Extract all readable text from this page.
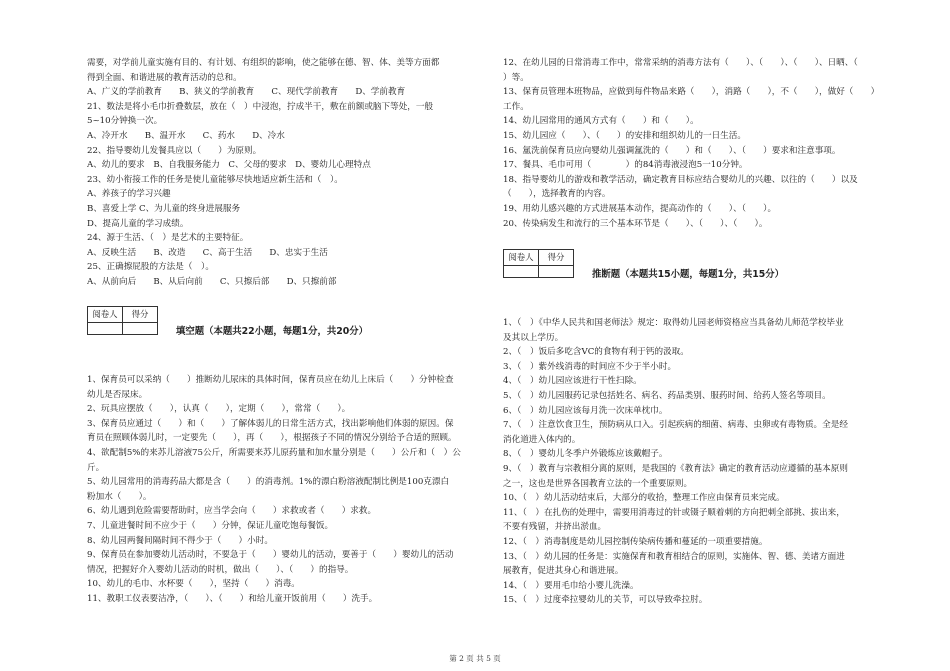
需要，对学前儿童实施有目的、有计划、有组织的影响，使之能够在德、智、体、美等方面都
得到全面、和谐进展的教育活动的总和。
A、广义的学前教育　　B、狭义的学前教育　　C、现代学前教育　　D、学前教育
21、数法是将小毛巾折叠数层，放在（　）中浸泡，拧成半干，敷在前额或脑下等处，一般
5~10分钟换一次。
A、冷开水　　B、温开水　　C、药水　　D、冷水
22、指导婴幼儿发餐具应以（　　）为原则。
A、幼儿的要求　B、自我服务能力　C、父母的要求　D、婴幼儿心理特点
23、幼小衔接工作的任务是使儿童能够尽快地适应新生活和（　）。
A、养孩子的学习兴趣
B、喜爱上学 C、为儿童的终身进展服务
D、提高儿童的学习成绩。
24、源于生活、（　）是艺术的主要特征。
A、反映生活　　B、改造　　C、高于生活　　D、忠实于生活
25、正确擦屁股的方法是（　）。
A、从前向后　　B、从后向前　　C、只擦后部　　D、只擦前部
阅卷人	得分

填空题（本题共22小题，每题1分，共20分）
1、保育员可以采纳（　　）推断幼儿尿床的具体时间，保育员应在幼儿上床后（　　）分钟检查
幼儿是否尿床。
2、玩具应摆放（　　），认真（　　），定期（　　），常常（　　）。
3、保育员应通过（　　）和（　　）了解体弱儿的日常生活方式，找出影响他们体弱的原因。保
育员在照顾体弱儿时，一定要先（　　），再（　　），根据孩子不同的情况分别给予合适的照顾。
4、欲配制5%的来苏儿溶液75公斤，所需要来苏儿原药量和加水量分别是（　　）公斤和（　）公
斤。
5、幼儿园常用的消毒药品大都是含（　　）的消毒剂。1%的漂白粉溶液配制比例是100克漂白
粉加水（　　）。
6、幼儿遇到危险需要帮助时，应当学会向（　　）求救或者（　　）求救。
7、儿童进餐时间不应少于（　　）分钟，保证儿童吃饱每餐饭。
8、幼儿园两餐间隔时间不得少于（　　）小时。
9、保育员在参加婴幼儿活动时，不要急于（　　）婴幼儿的活动，要善于（　　）婴幼儿的活动
情况，把握好介入婴幼儿活动的时机，做出（　　）、（　　）的指导。
10、幼儿的毛巾、水杯要（　　），坚持（　　）消毒。
11、教职工仪表要洁净，（　　）、（　　）和给儿童开饭前用（　　）洗手。
12、在幼儿园的日常消毒工作中，常常采纳的消毒方法有（　　）、（　　）、（　　）、日晒、（　　
）等。
13、保育员管理本班物品，应做到每件物品来路（　　），消路（　　），不（　　），做好（　　）
工作。
14、幼儿园常用的通风方式有（　　）和（　　）。
15、幼儿园应（　　）、（　　）的安排和组织幼儿的一日生活。
16、氲洗前保育员应向婴幼儿强调氲洗的（　　）和（　　）、（　　）要求和注意事项。
17、餐具、毛巾可用（　　　　）的84消毒液浸泡5一10分钟。
18、指导婴幼儿的游戏和教学活动，确定教育目标应结合婴幼儿的兴趣、以往的（　　）以及
（　　），选择教育的内容。
19、用幼儿感兴趣的方式进展基本动作，提高动作的（　　）、（　　）。
20、传染病发生和流行的三个基本环节是（　　）、（　　）、（　　）。
阅卷人	得分

推断题（本题共15小题，每题1分，共15分）
1、（　）《中华人民共和国老师法》规定：取得幼儿园老师资格应当具备幼儿师范学校毕业
及其以上学历。
2、（　）饭后多吃含VC的食物有利于钙的汲取。
3、（　）紫外线消毒的时间应不少于半小时。
4、（　）幼儿园应该进行干性扫除。
5、（　）幼儿园服药记录包括姓名、病名、药品类别、服药时间、给药人签名等项目。
6、（　）幼儿园应该每月洗一次床单枕巾。
7、（　）注意饮食卫生，预防病从口入。引起疾病的细菌、病毒、虫卵或有毒物质。全是经
消化道进入体内的。
8、（　）婴幼儿冬季户外锻炼应该戴帽子。
9、（　）教育与宗教相分离的原则，是我国的《教育法》确定的教育活动应遵循的基本原则
之一，这也是世界各国教育立法的一个重要原则。
10、（　）幼儿活动结束后，大部分的收拾，整理工作应由保育员来完成。
11、（　）在扎伤的处理中，需要用消毒过的针或镊子顺着刺的方向把刺全部挑、拔出来，
不要有残留，并挤出淤血。
12、（　）消毒制度是幼儿园控制传染病传播和蔓延的一项重要措施。
13、（　）幼儿园的任务是：实施保育和教育相结合的原则，实施体、智、德、美诸方面进
展教育，促进其身心和谐进展。
14、（　）要用毛巾给小婴儿洗澡。
15、（　）过度牵拉婴幼儿的关节，可以导致牵拉肘。
第 2 页 共 5 页
